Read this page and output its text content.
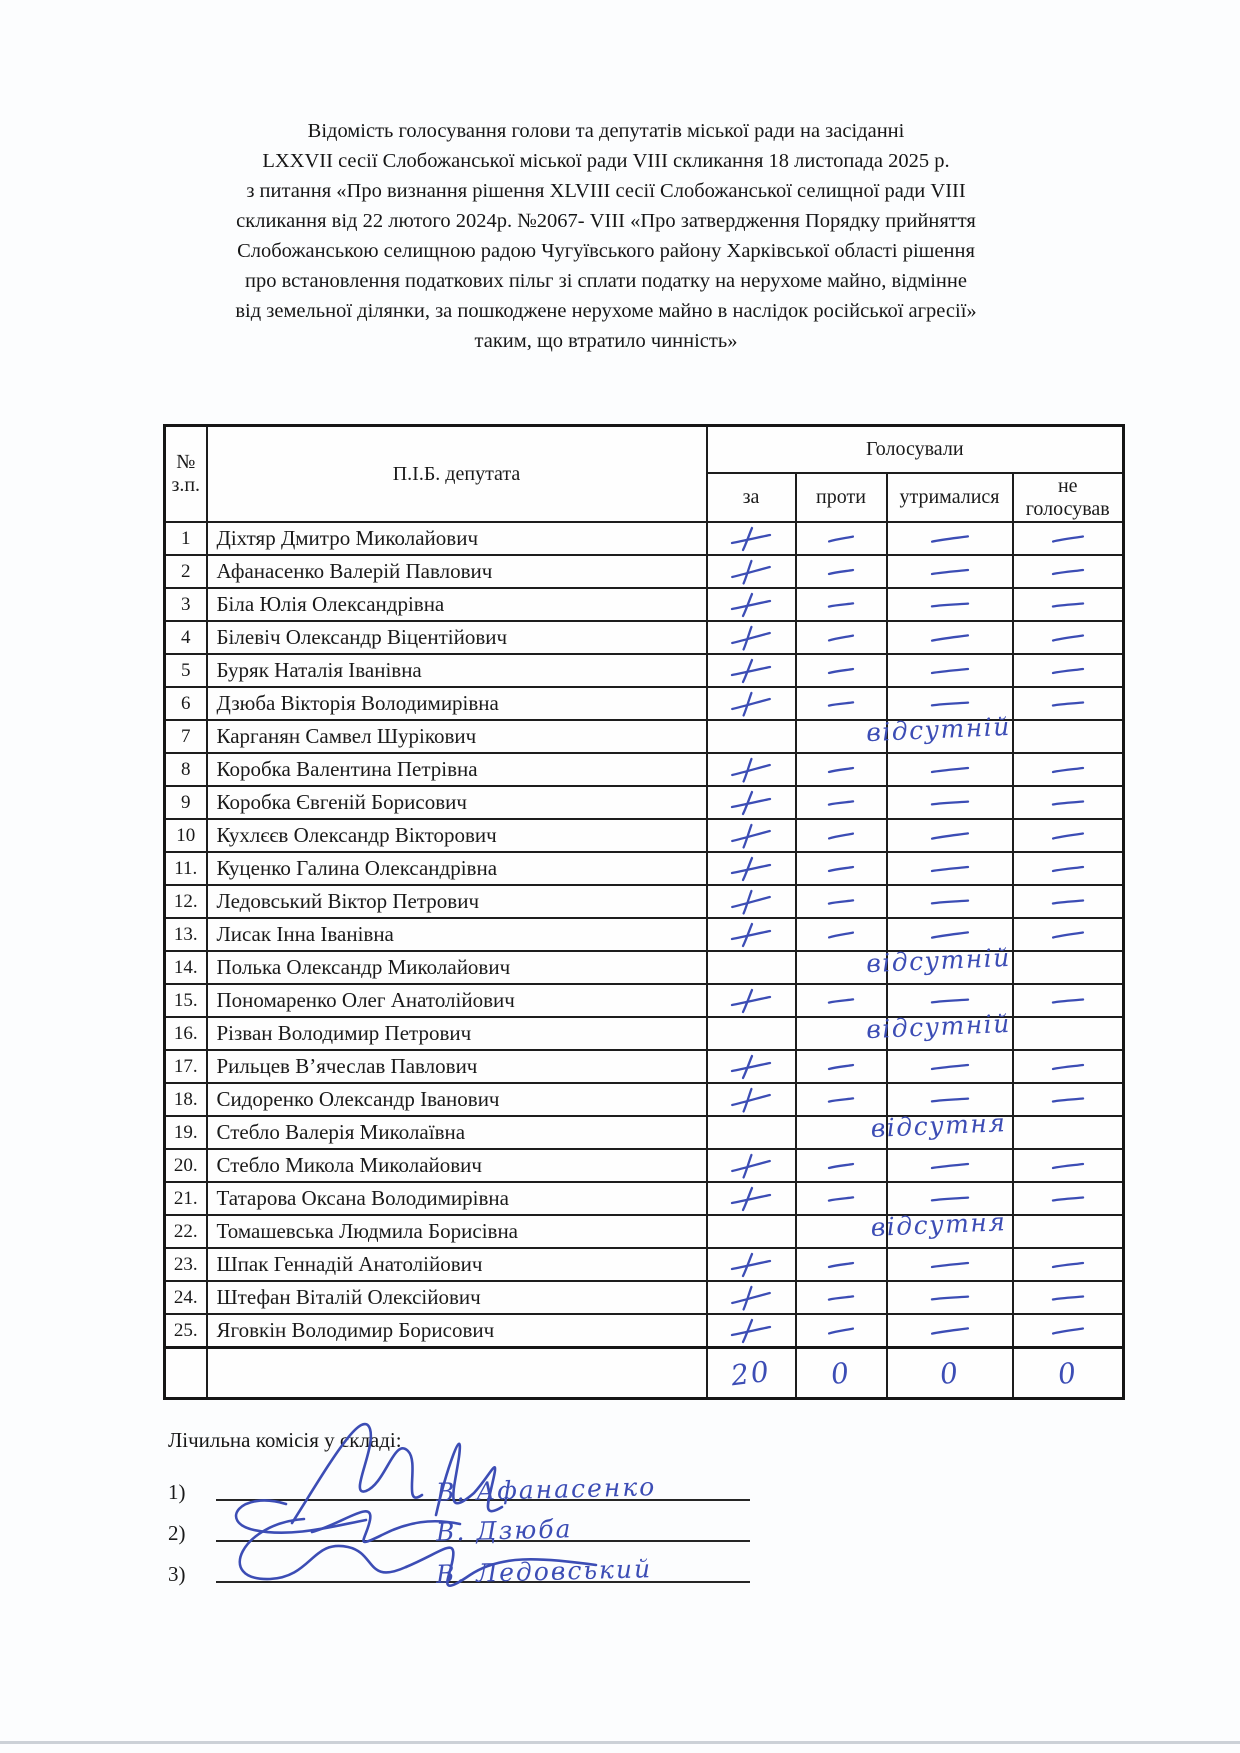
Відомість голосування голови та депутатів міської ради на засіданні
LXXVII сесії Слобожанської міської ради VIII скликання 18 листопада 2025 р.
з питання «Про визнання рішення XLVIII сесії Слобожанської селищної ради VIII
скликання від 22 лютого 2024р. №2067- VIII «Про затвердження Порядку прийняття
Слобожанською селищною радою Чугуївського району Харківської області рішення
про встановлення податкових пільг зі сплати податку на нерухоме майно, відмінне
від земельної ділянки, за пошкоджене нерухоме майно в наслідок російської агресії»
таким, що втратило чинність»
№
з.п.	П.І.Б. депутата	Голосували			
		за	проти	утрималися	не голосував
1	Діхтяр Дмитро Миколайович				
2	Афанасенко Валерій Павлович				
3	Біла Юлія Олександрівна				
4	Білевіч Олександр Віцентійович				
5	Буряк Наталія Іванівна				
6	Дзюба Вікторія Володимирівна				
7	Карганян Самвел Шурікович		відсутній		

8	Коробка Валентина Петрівна				
9	Коробка Євгеній Борисович				
10	Кухлєєв Олександр Вікторович				
11.	Куценко Галина Олександрівна				
12.	Ледовський Віктор Петрович				
13.	Лисак Інна Іванівна				
14.	Полька Олександр Миколайович		відсутній		

15.	Пономаренко Олег Анатолійович				
16.	Різван Володимир Петрович		відсутній		

17.	Рильцев В’ячеслав Павлович				
18.	Сидоренко Олександр Іванович				
19.	Стебло Валерія Миколаївна		відсутня		

20.	Стебло Микола Миколайович				
21.	Татарова Оксана Володимирівна				
22.	Томашевська Людмила Борисівна		відсутня		

23.	Шпак Геннадій Анатолійович				
24.	Штефан Віталій Олексійович				
25.	Яговкін Володимир Борисович				
		20	0	0	0
Лічильна комісія у складі:
1)	В. Афанасенко
2)	В. Дзюба
3)	В. Ледовський
